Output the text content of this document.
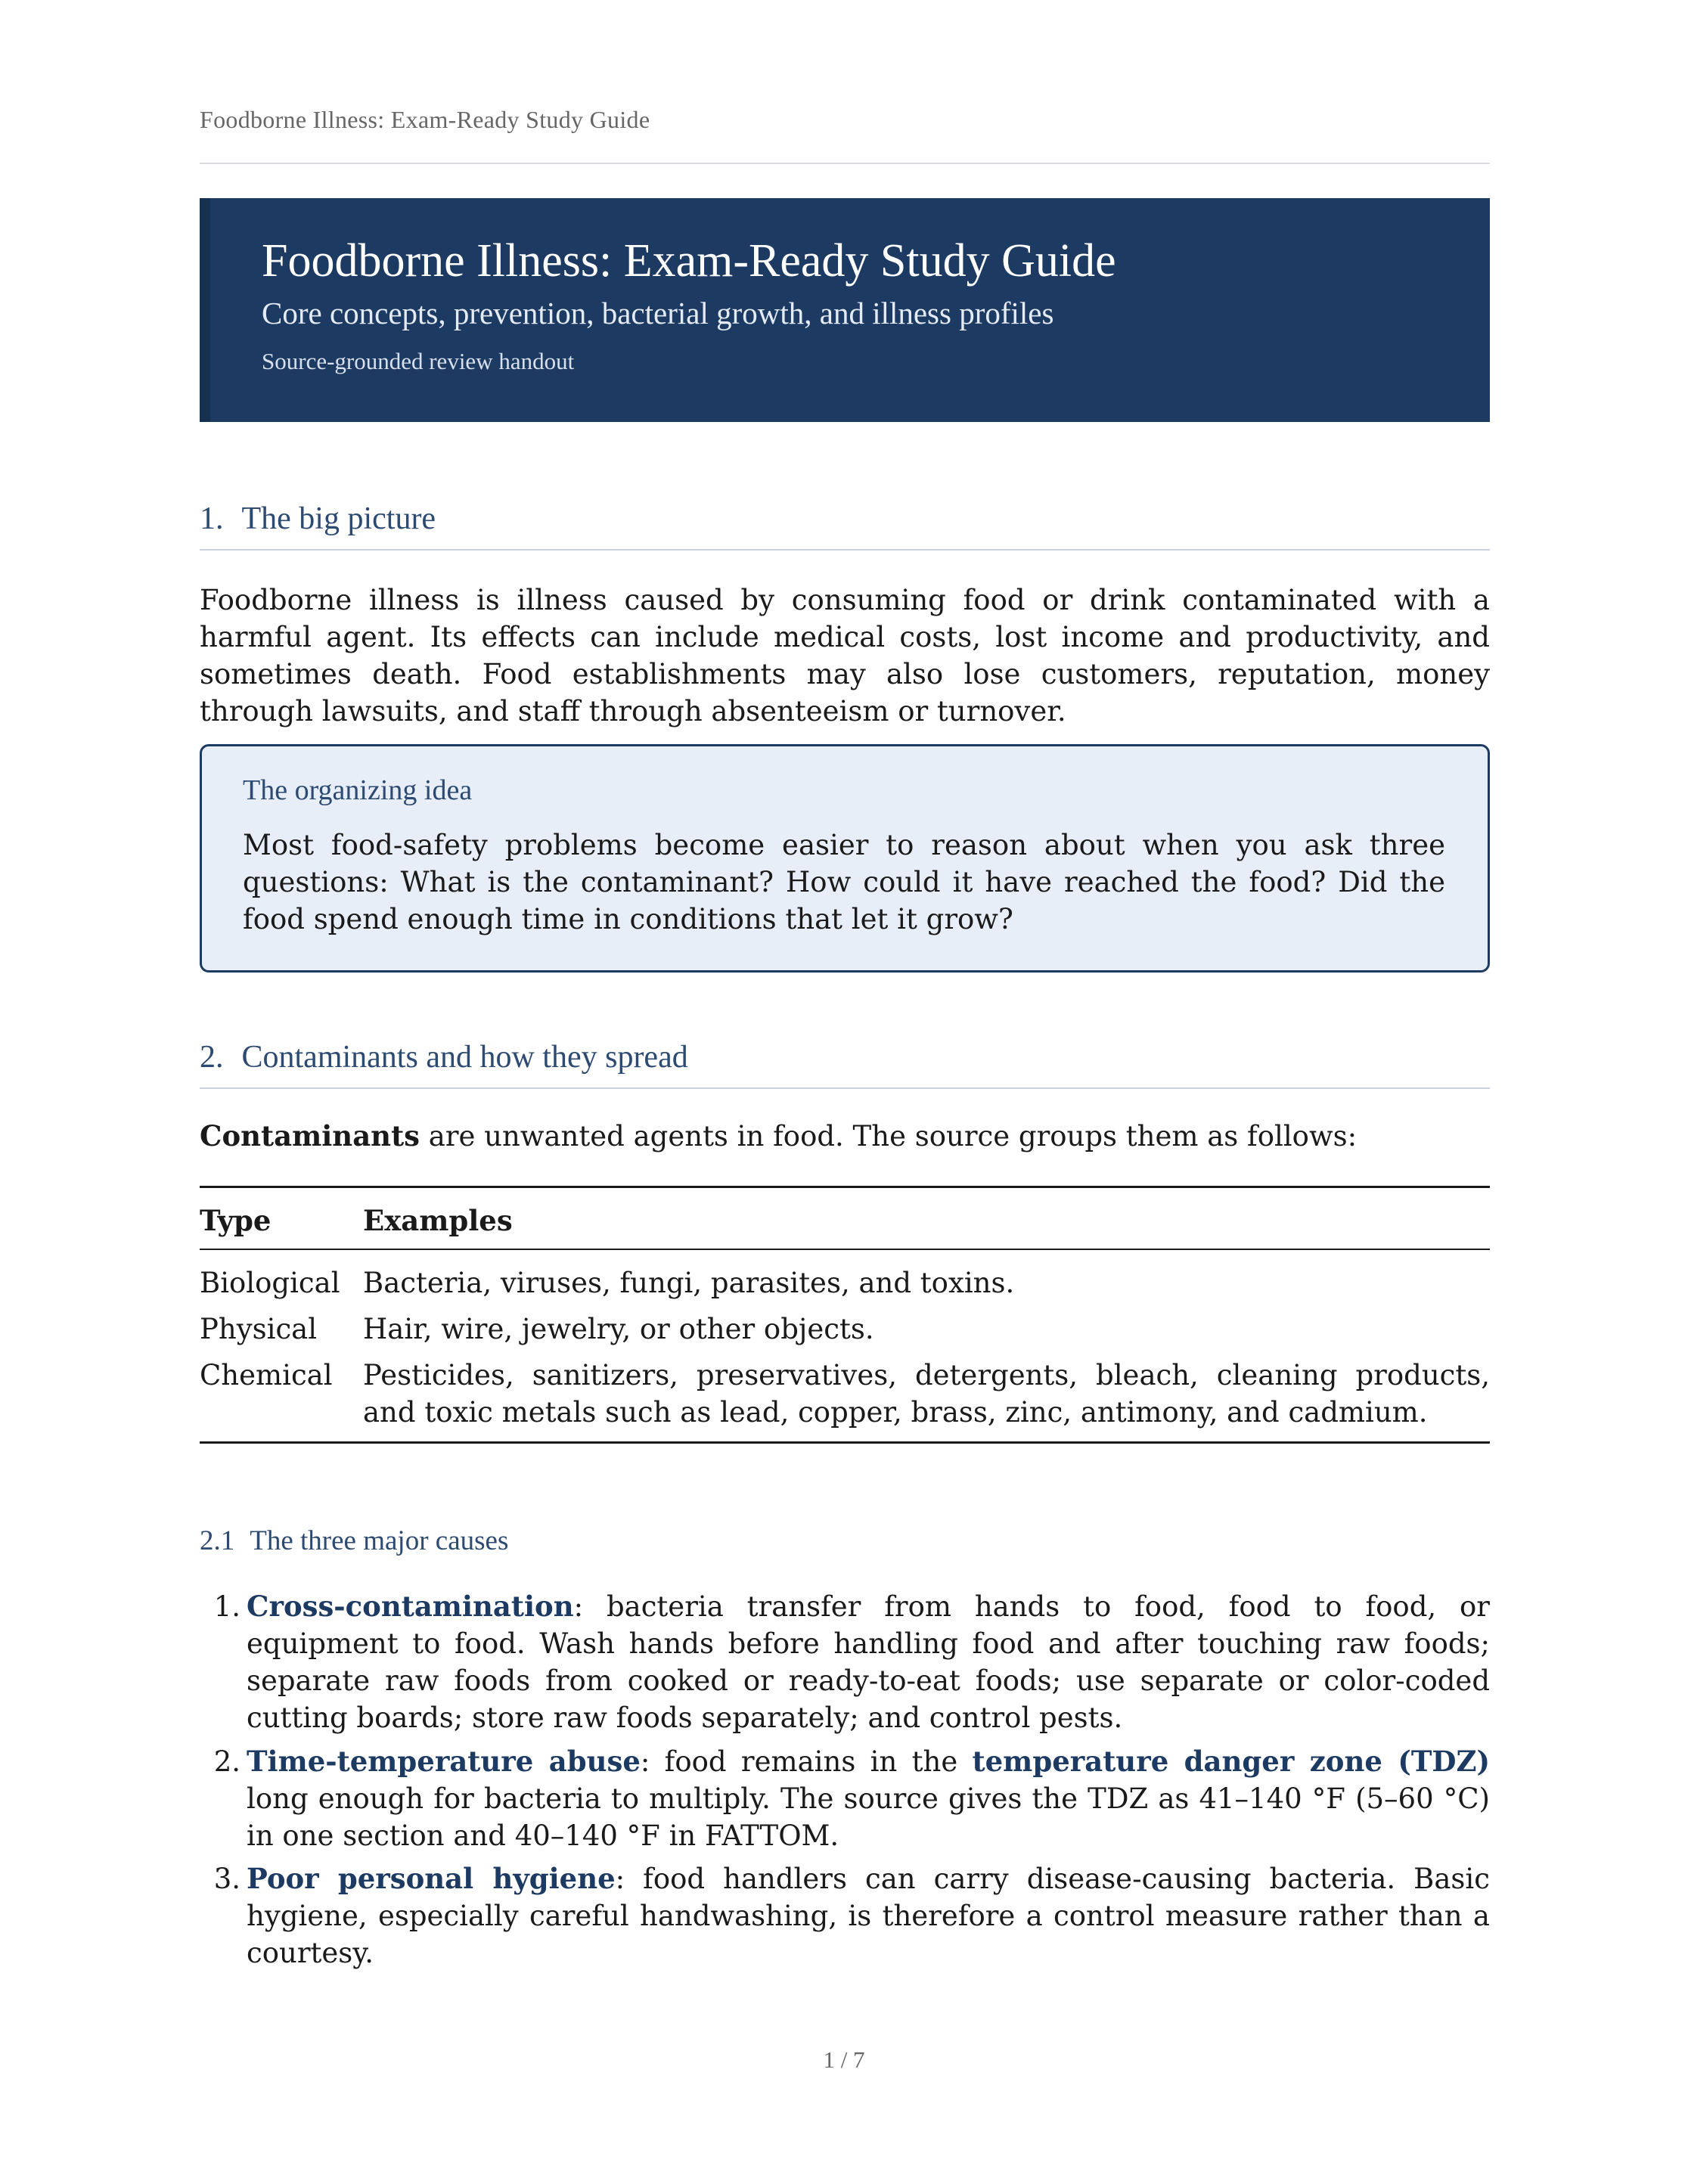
Foodborne Illness: Exam-Ready Study Guide
Foodborne Illness: Exam-Ready Study Guide
Core concepts, prevention, bacterial growth, and illness profiles
Source-grounded review handout
1. The big picture
Foodborne illness is illness caused by consuming food or drink contaminated with a harmful agent. Its effects can include medical costs, lost income and productivity, and sometimes death. Food establishments may also lose customers, reputation, money through lawsuits, and staff through absenteeism or turnover.
The organizing idea
Most food-safety problems become easier to reason about when you ask three questions: What is the contaminant? How could it have reached the food? Did the food spend enough time in conditions that let it grow?
2. Contaminants and how they spread
Contaminants are unwanted agents in food. The source groups them as follows:
Type	Examples
Biological Bacteria, viruses, fungi, parasites, and toxins.
Physical Hair, wire, jewelry, or other objects.
Chemical Pesticides, sanitizers, preservatives, detergents, bleach, cleaning products, and toxic metals such as lead, copper, brass, zinc, antimony, and cadmium.
2.1 The three major causes
1. Cross-contamination: bacteria transfer from hands to food, food to food, or equipment to food. Wash hands before handling food and after touching raw foods; separate raw foods from cooked or ready-to-eat foods; use separate or color-coded cutting boards; store raw foods separately; and control pests.
2. Time-temperature abuse: food remains in the temperature danger zone (TDZ) long enough for bacteria to multiply. The source gives the TDZ as 41–140 °F (5–60 °C) in one section and 40–140 °F in FATTOM.
3. Poor personal hygiene: food handlers can carry disease-causing bacteria. Basic hygiene, especially careful handwashing, is therefore a control measure rather than a courtesy.
1 / 7
